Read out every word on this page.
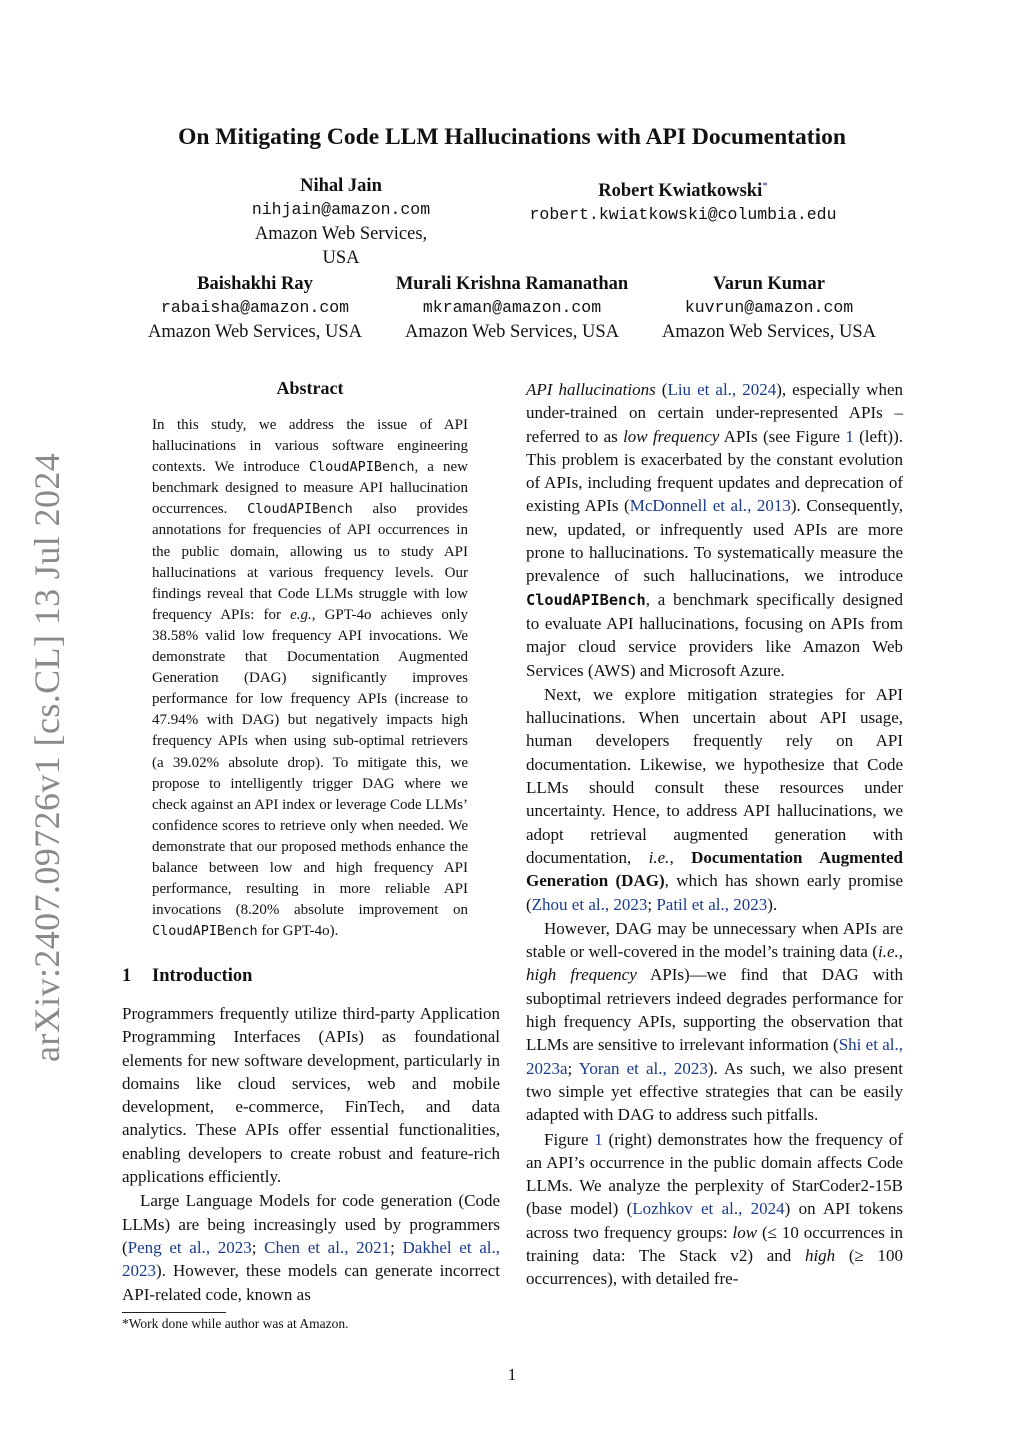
arXiv:2407.09726v1 [cs.CL] 13 Jul 2024
On Mitigating Code LLM Hallucinations with API Documentation
Nihal Jain
nihjain@amazon.com
Amazon Web Services, USA
Robert Kwiatkowski*
robert.kwiatkowski@columbia.edu
Baishakhi Ray
rabaisha@amazon.com
Amazon Web Services, USA
Murali Krishna Ramanathan
mkraman@amazon.com
Amazon Web Services, USA
Varun Kumar
kuvrun@amazon.com
Amazon Web Services, USA
Abstract
In this study, we address the issue of API hallucinations in various software engineering contexts. We introduce CloudAPIBench, a new benchmark designed to measure API hallucination occurrences. CloudAPIBench also provides annotations for frequencies of API occurrences in the public domain, allowing us to study API hallucinations at various frequency levels. Our findings reveal that Code LLMs struggle with low frequency APIs: for e.g., GPT-4o achieves only 38.58% valid low frequency API invocations. We demonstrate that Documentation Augmented Generation (DAG) significantly improves performance for low frequency APIs (increase to 47.94% with DAG) but negatively impacts high frequency APIs when using sub-optimal retrievers (a 39.02% absolute drop). To mitigate this, we propose to intelligently trigger DAG where we check against an API index or leverage Code LLMs’ confidence scores to retrieve only when needed. We demonstrate that our proposed methods enhance the balance between low and high frequency API performance, resulting in more reliable API invocations (8.20% absolute improvement on CloudAPIBench for GPT-4o).
1 Introduction

Programmers frequently utilize third-party Application Programming Interfaces (APIs) as foundational elements for new software development, particularly in domains like cloud services, web and mobile development, e-commerce, FinTech, and data analytics. These APIs offer essential functionalities, enabling developers to create robust and feature-rich applications efficiently.

Large Language Models for code generation (Code LLMs) are being increasingly used by programmers (Peng et al., 2023; Chen et al., 2021; Dakhel et al., 2023). However, these models can generate incorrect API-related code, known as

API hallucinations (Liu et al., 2024), especially when under-trained on certain under-represented APIs – referred to as low frequency APIs (see Figure 1 (left)). This problem is exacerbated by the constant evolution of APIs, including frequent updates and deprecation of existing APIs (McDonnell et al., 2013). Consequently, new, updated, or infrequently used APIs are more prone to hallucinations. To systematically measure the prevalence of such hallucinations, we introduce CloudAPIBench, a benchmark specifically designed to evaluate API hallucinations, focusing on APIs from major cloud service providers like Amazon Web Services (AWS) and Microsoft Azure.

Next, we explore mitigation strategies for API hallucinations. When uncertain about API usage, human developers frequently rely on API documentation. Likewise, we hypothesize that Code LLMs should consult these resources under uncertainty. Hence, to address API hallucinations, we adopt retrieval augmented generation with documentation, i.e., Documentation Augmented Generation (DAG), which has shown early promise (Zhou et al., 2023; Patil et al., 2023).

However, DAG may be unnecessary when APIs are stable or well-covered in the model’s training data (i.e., high frequency APIs)—we find that DAG with suboptimal retrievers indeed degrades performance for high frequency APIs, supporting the observation that LLMs are sensitive to irrelevant information (Shi et al., 2023a; Yoran et al., 2023). As such, we also present two simple yet effective strategies that can be easily adapted with DAG to address such pitfalls.

Figure 1 (right) demonstrates how the frequency of an API’s occurrence in the public domain affects Code LLMs. We analyze the perplexity of StarCoder2-15B (base model) (Lozhkov et al., 2024) on API tokens across two frequency groups: low (≤ 10 occurrences in training data: The Stack v2) and high (≥ 100 occurrences), with detailed fre-

*Work done while author was at Amazon.
1
